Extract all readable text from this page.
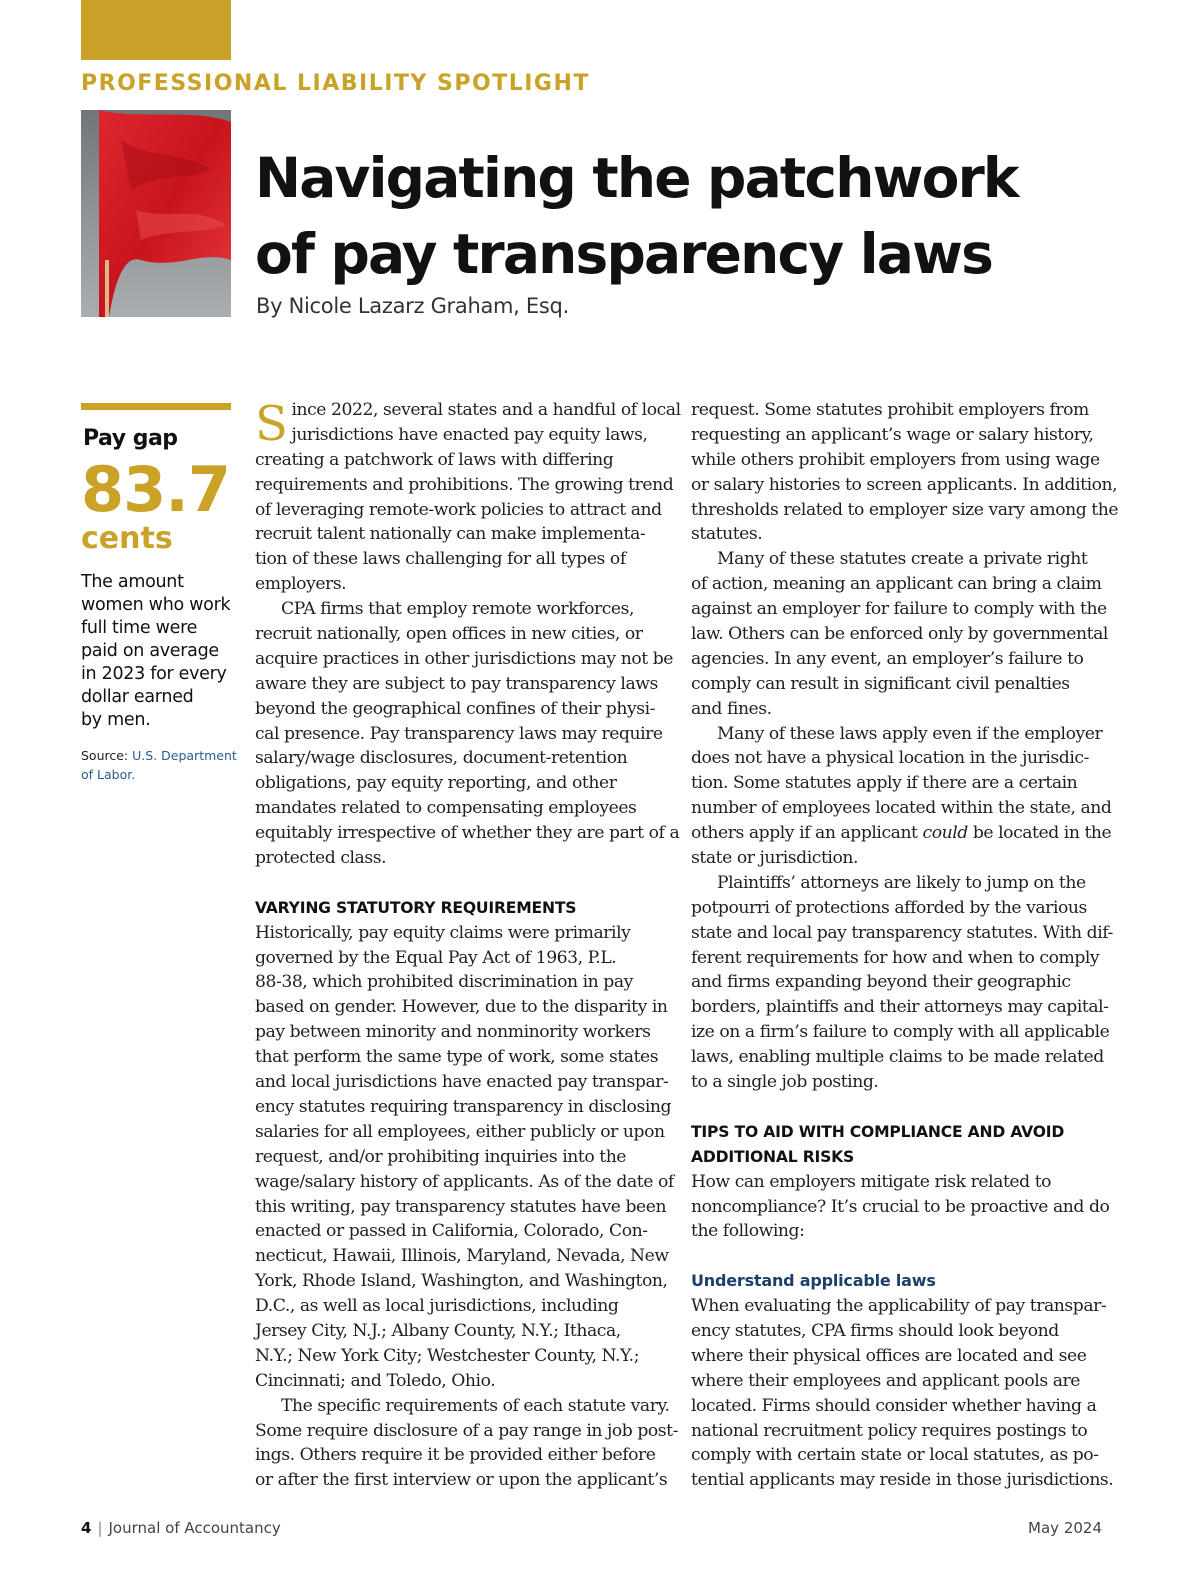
PROFESSIONAL LIABILITY SPOTLIGHT
Navigating the patchwork
of pay transparency laws
By Nicole Lazarz Graham, Esq.
Pay gap
83.7
cents
The amount
women who work
full time were
paid on average
in 2023 for every
dollar earned
by men.
Source: U.S. Department
of Labor.
S ince 2022, several states and a handful of local
jurisdictions have enacted pay equity laws,
creating a patchwork of laws with differing
requirements and prohibitions. The growing trend
of leveraging remote-work policies to attract and
recruit talent nationally can make implementa-
tion of these laws challenging for all types of
employers.
CPA firms that employ remote workforces,
recruit nationally, open offices in new cities, or
acquire practices in other jurisdictions may not be
aware they are subject to pay transparency laws
beyond the geographical confines of their physi-
cal presence. Pay transparency laws may require
salary/wage disclosures, document-retention
obligations, pay equity reporting, and other
mandates related to compensating employees
equitably irrespective of whether they are part of a
protected class.
VARYING STATUTORY REQUIREMENTS
Historically, pay equity claims were primarily
governed by the Equal Pay Act of 1963, P.L.
88-38, which prohibited discrimination in pay
based on gender. However, due to the disparity in
pay between minority and nonminority workers
that perform the same type of work, some states
and local jurisdictions have enacted pay transpar-
ency statutes requiring transparency in disclosing
salaries for all employees, either publicly or upon
request, and/or prohibiting inquiries into the
wage/salary history of applicants. As of the date of
this writing, pay transparency statutes have been
enacted or passed in California, Colorado, Con-
necticut, Hawaii, Illinois, Maryland, Nevada, New
York, Rhode Island, Washington, and Washington,
D.C., as well as local jurisdictions, including
Jersey City, N.J.; Albany County, N.Y.; Ithaca,
N.Y.; New York City; Westchester County, N.Y.;
Cincinnati; and Toledo, Ohio.
The specific requirements of each statute vary.
Some require disclosure of a pay range in job post-
ings. Others require it be provided either before
or after the first interview or upon the applicant’s
request. Some statutes prohibit employers from
requesting an applicant’s wage or salary history,
while others prohibit employers from using wage
or salary histories to screen applicants. In addition,
thresholds related to employer size vary among the
statutes.
Many of these statutes create a private right
of action, meaning an applicant can bring a claim
against an employer for failure to comply with the
law. Others can be enforced only by governmental
agencies. In any event, an employer’s failure to
comply can result in significant civil penalties
and fines.
Many of these laws apply even if the employer
does not have a physical location in the jurisdic-
tion. Some statutes apply if there are a certain
number of employees located within the state, and
others apply if an applicant could be located in the
state or jurisdiction.
Plaintiffs’ attorneys are likely to jump on the
potpourri of protections afforded by the various
state and local pay transparency statutes. With dif-
ferent requirements for how and when to comply
and firms expanding beyond their geographic
borders, plaintiffs and their attorneys may capital-
ize on a firm’s failure to comply with all applicable
laws, enabling multiple claims to be made related
to a single job posting.
TIPS TO AID WITH COMPLIANCE AND AVOID
ADDITIONAL RISKS
How can employers mitigate risk related to
noncompliance? It’s crucial to be proactive and do
the following:
Understand applicable laws
When evaluating the applicability of pay transpar-
ency statutes, CPA firms should look beyond
where their physical offices are located and see
where their employees and applicant pools are
located. Firms should consider whether having a
national recruitment policy requires postings to
comply with certain state or local statutes, as po-
tential applicants may reside in those jurisdictions.
4 | Journal of Accountancy	May 2024
